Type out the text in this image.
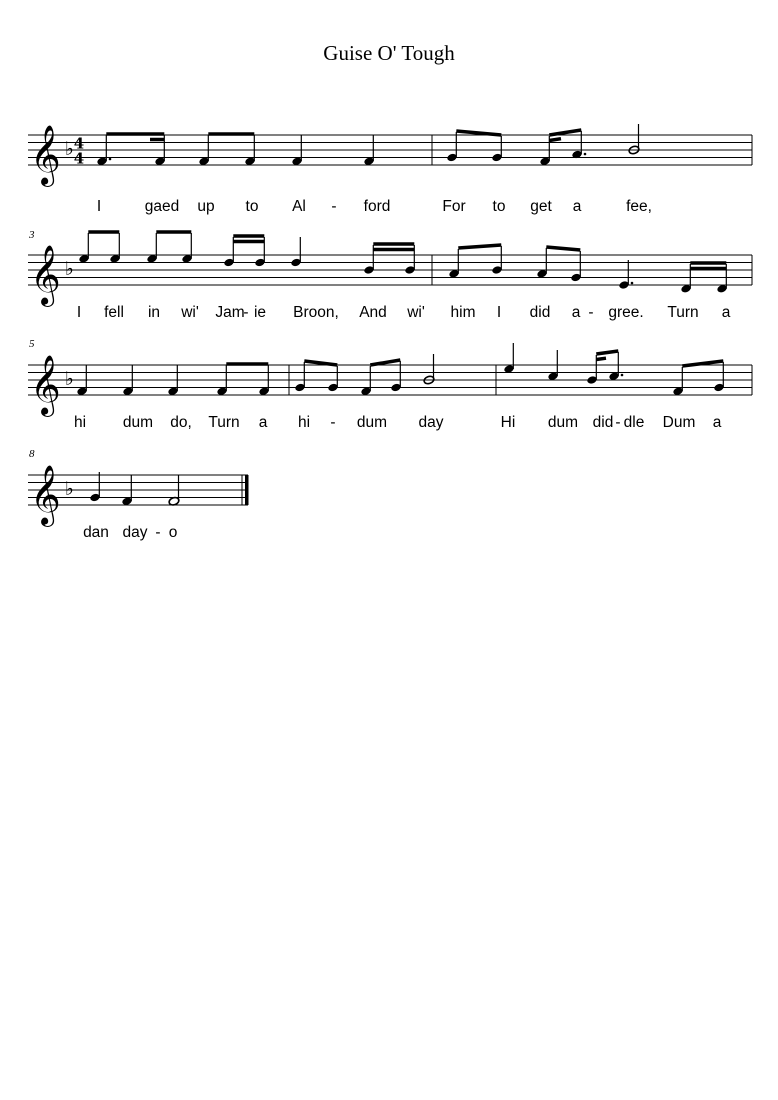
Guise O' Tough
𝄞 ♭ 4
4
I	gaed up to Al - ford	For to get a	fee,
3
𝄞 ♭
I fell in wi' Jam
- ie Broon, And wi' him I did a - gree. Turn a
5
𝄞 ♭
hi dum do, Turn a hi - dum day	Hi dum did - dle Dum a
8
𝄞 ♭
dan day - o
